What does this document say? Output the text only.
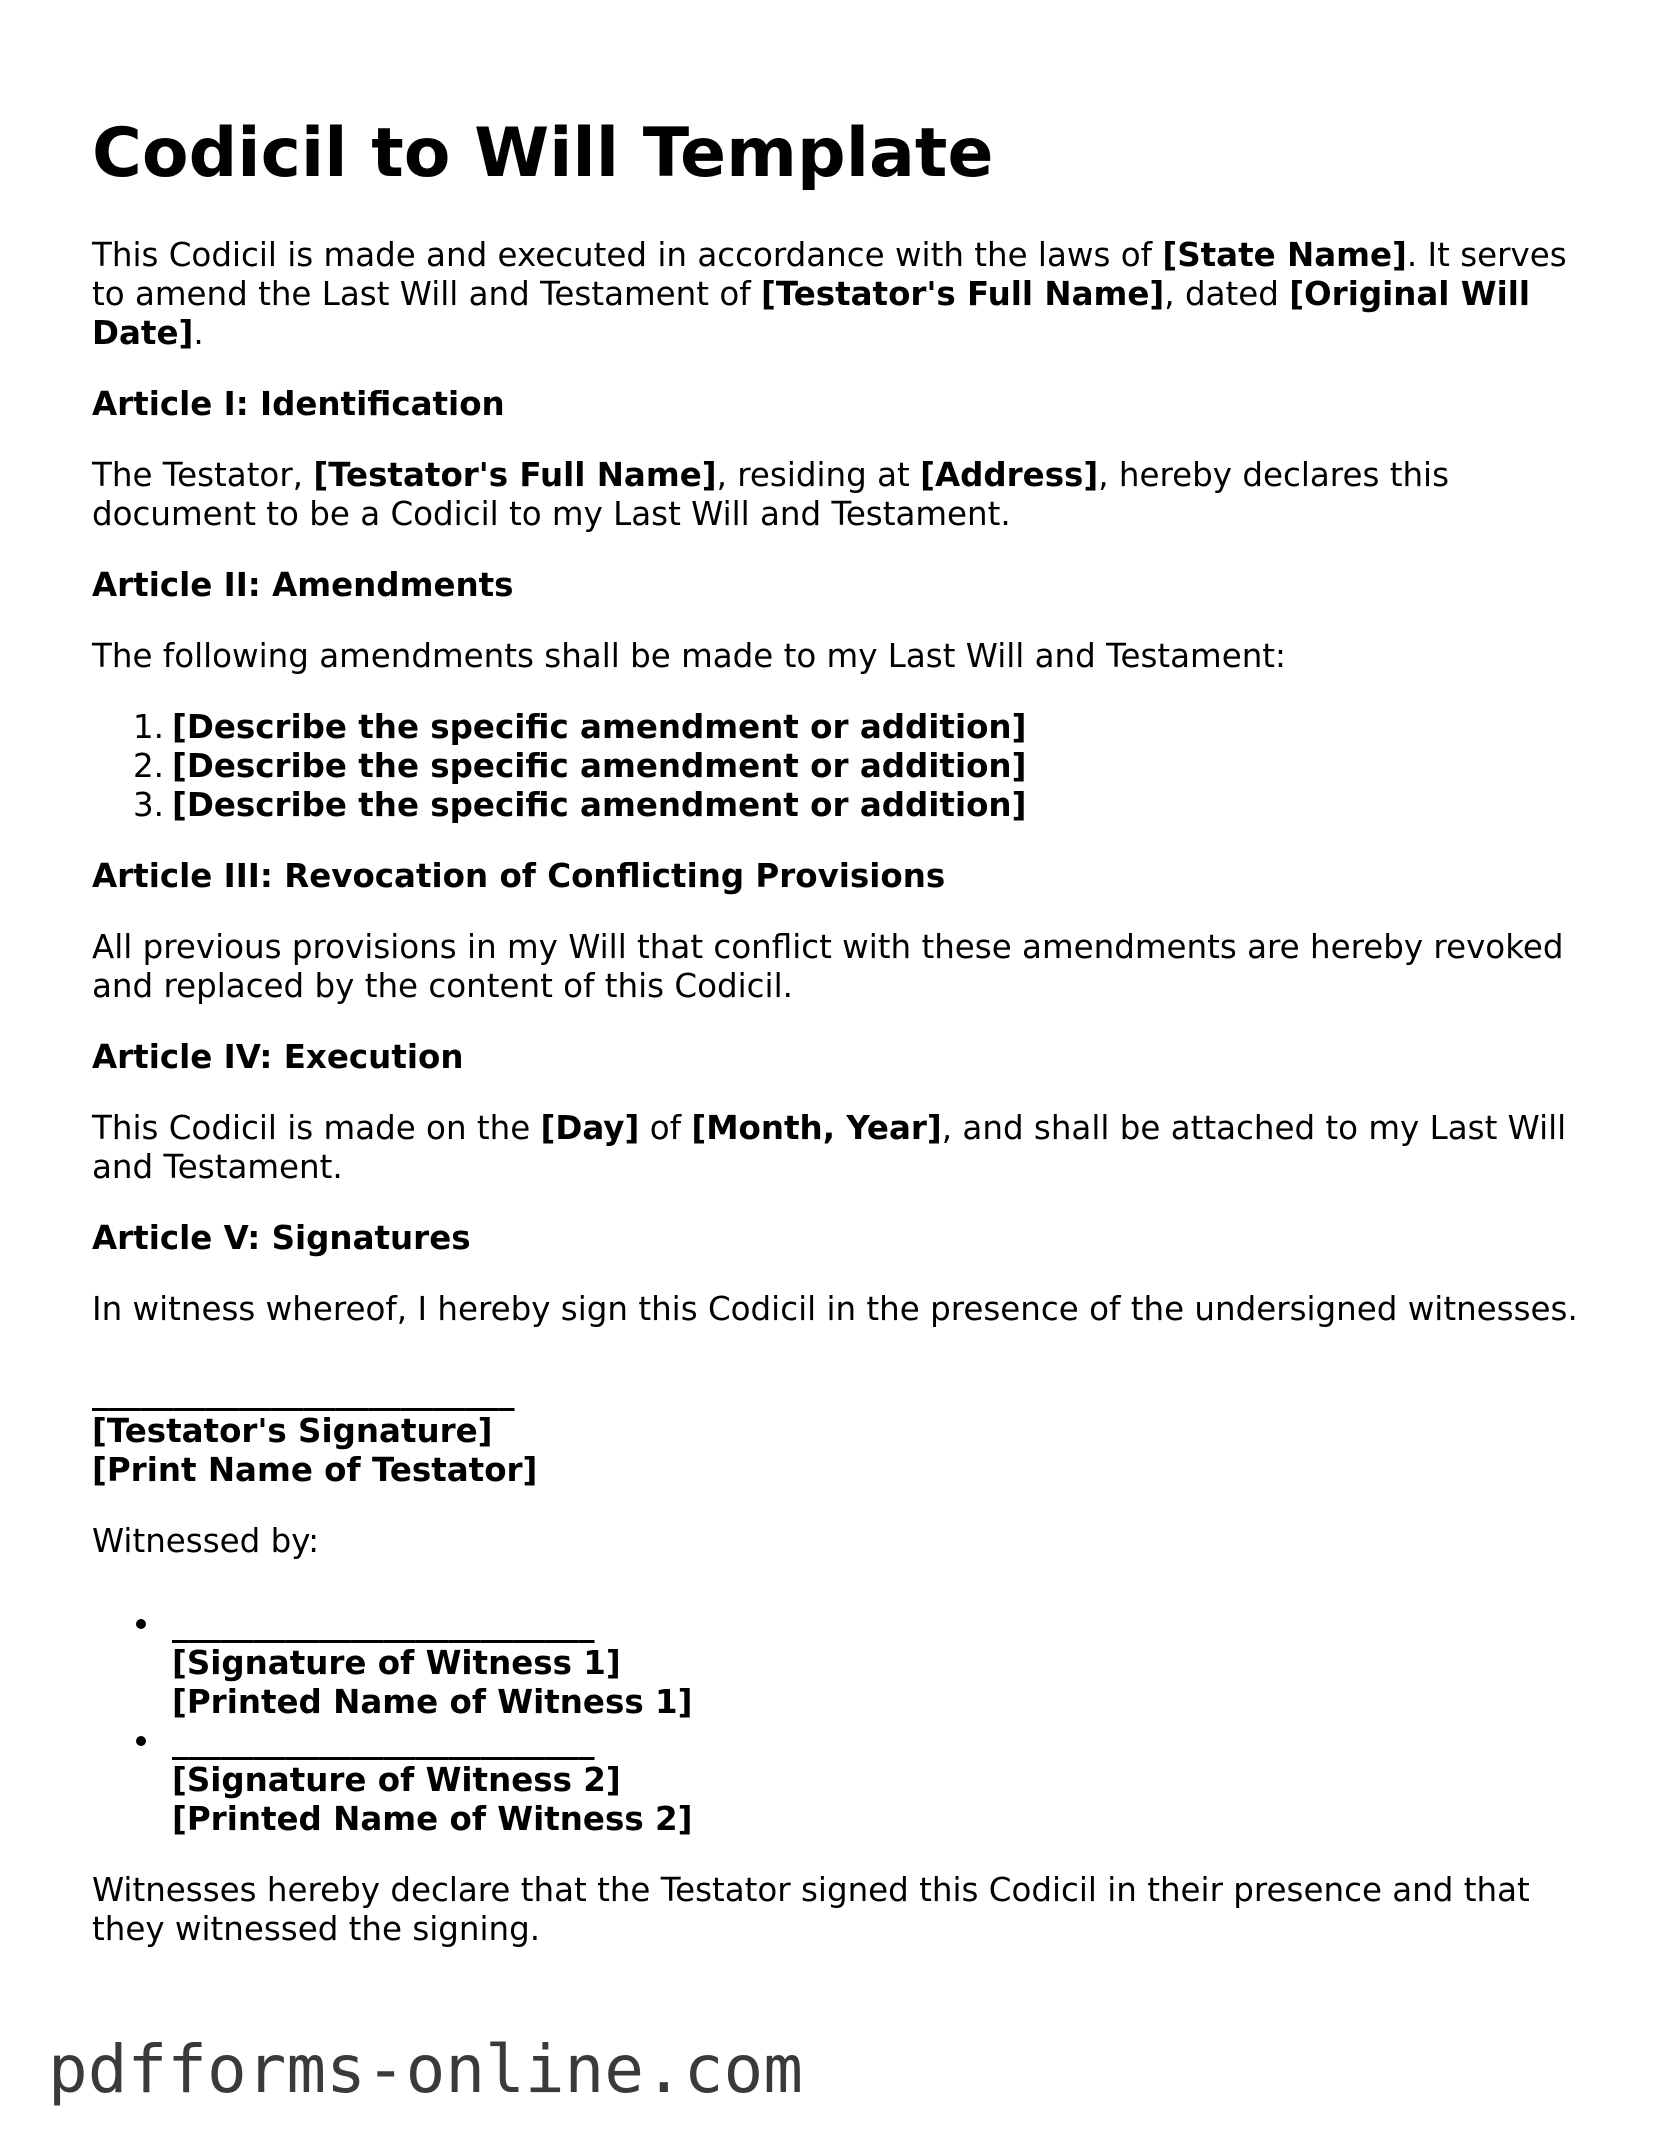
Codicil to Will Template

This Codicil is made and executed in accordance with the laws of [State Name]. It serves to amend the Last Will and Testament of [Testator's Full Name], dated [Original Will Date].

Article I: Identification

The Testator, [Testator's Full Name], residing at [Address], hereby declares this document to be a Codicil to my Last Will and Testament.

Article II: Amendments

The following amendments shall be made to my Last Will and Testament:

1. [Describe the specific amendment or addition]
2. [Describe the specific amendment or addition]
3. [Describe the specific amendment or addition]

Article III: Revocation of Conflicting Provisions

All previous provisions in my Will that conflict with these amendments are hereby revoked and replaced by the content of this Codicil.

Article IV: Execution

This Codicil is made on the [Day] of [Month, Year], and shall be attached to my Last Will and Testament.

Article V: Signatures

In witness whereof, I hereby sign this Codicil in the presence of the undersigned witnesses.

__________________________
[Testator's Signature]
[Print Name of Testator]

Witnessed by:

__________________________
[Signature of Witness 1]
[Printed Name of Witness 1]
__________________________
[Signature of Witness 2]
[Printed Name of Witness 2]

Witnesses hereby declare that the Testator signed this Codicil in their presence and that they witnessed the signing.

pdfforms-online.com
